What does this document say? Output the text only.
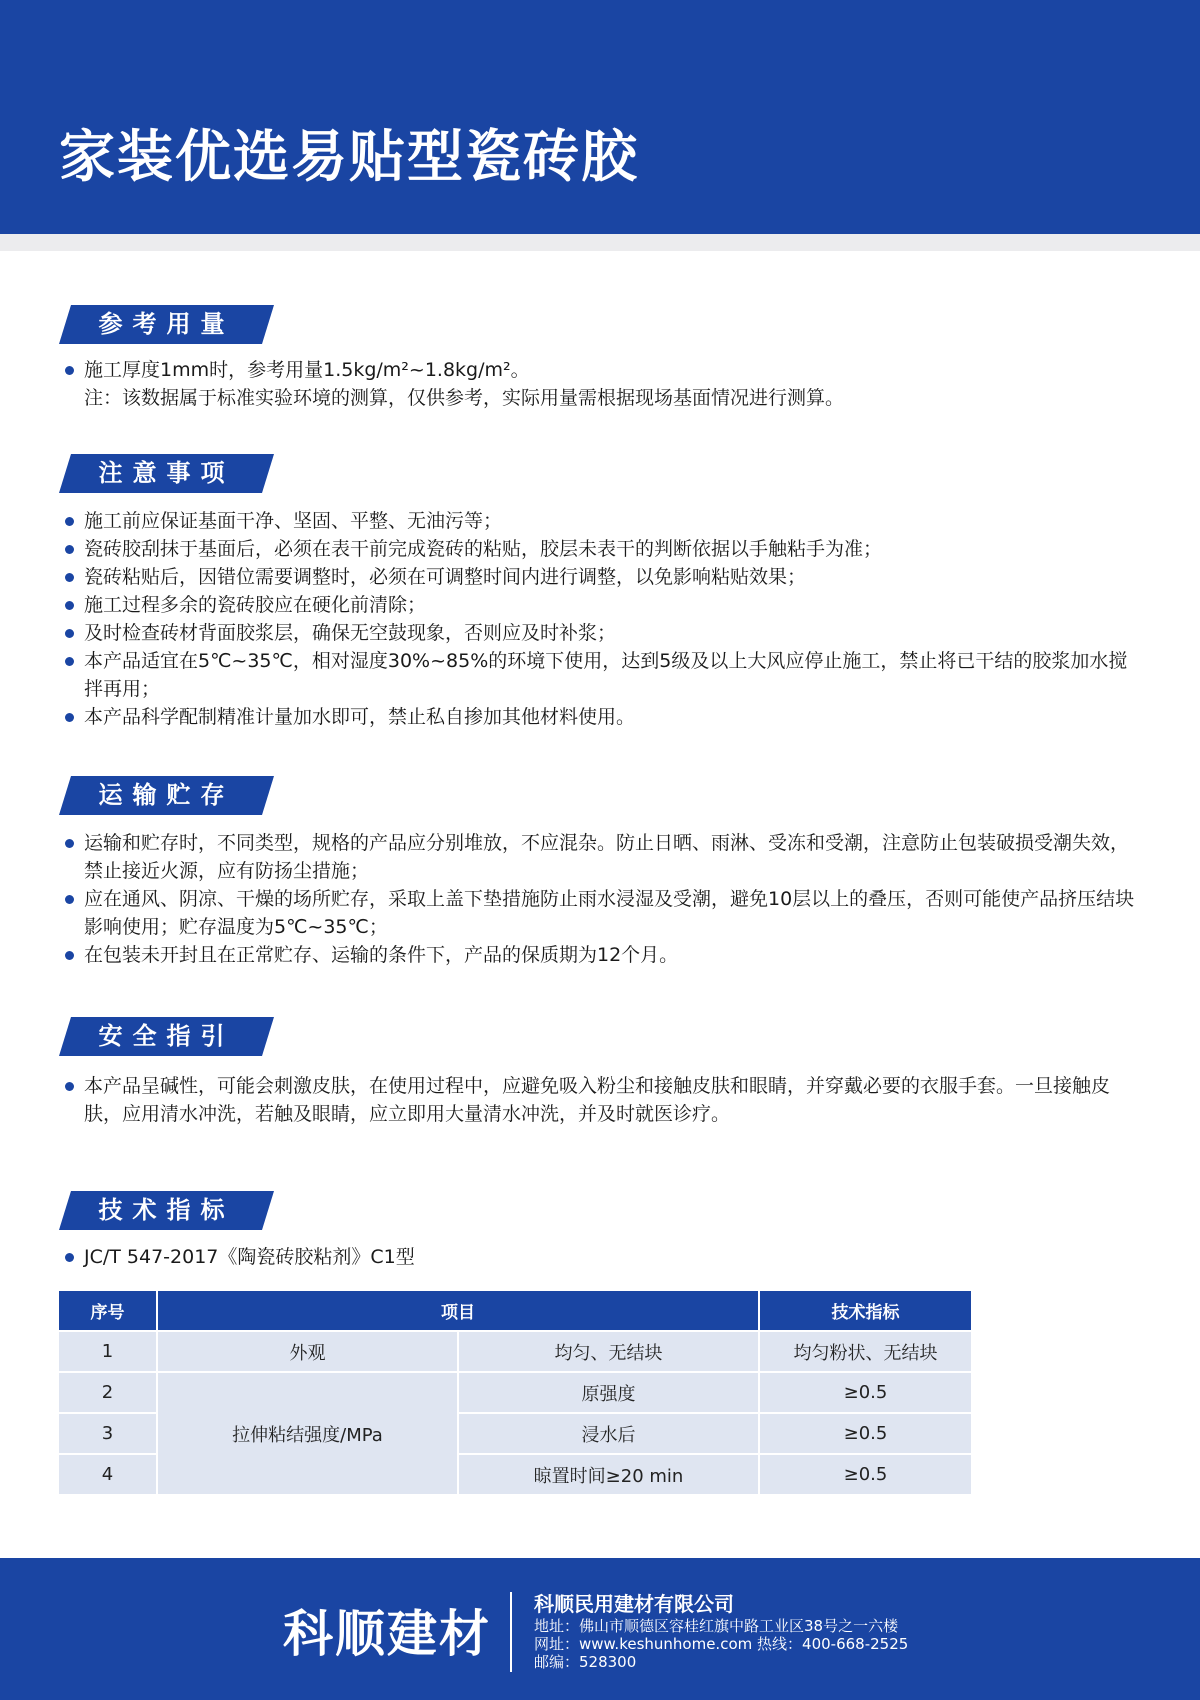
家装优选易贴型瓷砖胶
参考用量
施工厚度1mm时，参考用量1.5kg/m²~1.8kg/m²。
注：该数据属于标准实验环境的测算，仅供参考，实际用量需根据现场基面情况进行测算。
注意事项
施工前应保证基面干净、坚固、平整、无油污等；
瓷砖胶刮抹于基面后，必须在表干前完成瓷砖的粘贴，胶层未表干的判断依据以手触粘手为准；
瓷砖粘贴后，因错位需要调整时，必须在可调整时间内进行调整，以免影响粘贴效果；
施工过程多余的瓷砖胶应在硬化前清除；
及时检查砖材背面胶浆层，确保无空鼓现象，否则应及时补浆；
本产品适宜在5℃~35℃，相对湿度30%~85%的环境下使用，达到5级及以上大风应停止施工，禁止将已干结的胶浆加水搅拌再用；
本产品科学配制精准计量加水即可，禁止私自掺加其他材料使用。
运输贮存
运输和贮存时，不同类型，规格的产品应分别堆放，不应混杂。防止日晒、雨淋、受冻和受潮，注意防止包装破损受潮失效，禁止接近火源，应有防扬尘措施；
应在通风、阴凉、干燥的场所贮存，采取上盖下垫措施防止雨水浸湿及受潮，避免10层以上的叠压，否则可能使产品挤压结块影响使用；贮存温度为5℃~35℃；
在包装未开封且在正常贮存、运输的条件下，产品的保质期为12个月。
安全指引
本产品呈碱性，可能会刺激皮肤，在使用过程中，应避免吸入粉尘和接触皮肤和眼睛，并穿戴必要的衣服手套。一旦接触皮肤，应用清水冲洗，若触及眼睛，应立即用大量清水冲洗，并及时就医诊疗。
技术指标
JC/T 547-2017《陶瓷砖胶粘剂》C1型
序号	项目		技术指标
1	外观	均匀、无结块	均匀粉状、无结块
2	拉伸粘结强度/MPa	原强度	≥0.5
3		浸水后	≥0.5
4		晾置时间≥20 min	≥0.5
科顺建材
科顺民用建材有限公司
地址：佛山市顺德区容桂红旗中路工业区38号之一六楼
网址：www.keshunhome.com 热线：400-668-2525
邮编：528300
